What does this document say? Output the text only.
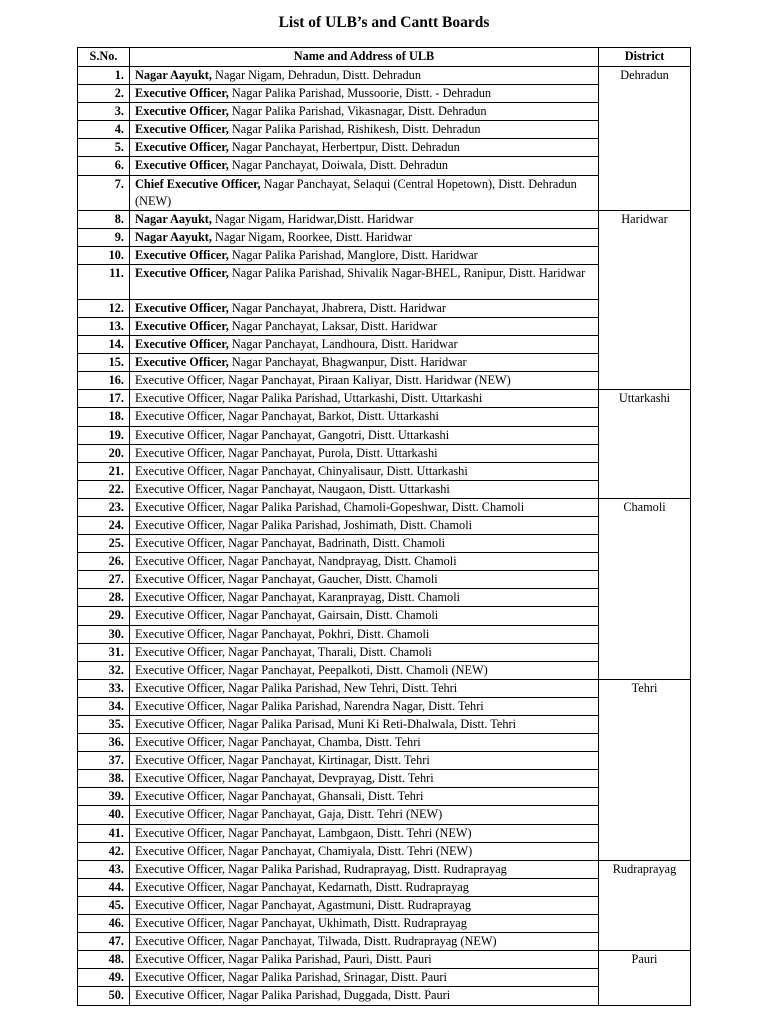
List of ULB’s and Cantt Boards
S.No.	Name and Address of ULB	District
1.	Nagar Aayukt, Nagar Nigam, Dehradun, Distt. Dehradun	Dehradun
2.	Executive Officer, Nagar Palika Parishad, Mussoorie, Distt. - Dehradun	
3.	Executive Officer, Nagar Palika Parishad, Vikasnagar, Distt. Dehradun	
4.	Executive Officer, Nagar Palika Parishad, Rishikesh, Distt. Dehradun	
5.	Executive Officer, Nagar Panchayat, Herbertpur, Distt. Dehradun	
6.	Executive Officer, Nagar Panchayat, Doiwala, Distt. Dehradun	
7.	Chief Executive Officer, Nagar Panchayat, Selaqui (Central Hopetown), Distt. Dehradun (NEW)	
8.	Nagar Aayukt, Nagar Nigam, Haridwar,Distt. Haridwar	Haridwar
9.	Nagar Aayukt, Nagar Nigam, Roorkee, Distt. Haridwar	
10.	Executive Officer, Nagar Palika Parishad, Manglore, Distt. Haridwar	
11.	Executive Officer, Nagar Palika Parishad, Shivalik Nagar-BHEL, Ranipur, Distt. Haridwar	
12.	Executive Officer, Nagar Panchayat, Jhabrera, Distt. Haridwar	
13.	Executive Officer, Nagar Panchayat, Laksar, Distt. Haridwar	
14.	Executive Officer, Nagar Panchayat, Landhoura, Distt. Haridwar	
15.	Executive Officer, Nagar Panchayat, Bhagwanpur, Distt. Haridwar	
16.	Executive Officer, Nagar Panchayat, Piraan Kaliyar, Distt. Haridwar (NEW)	
17.	Executive Officer, Nagar Palika Parishad, Uttarkashi, Distt. Uttarkashi	Uttarkashi
18.	Executive Officer, Nagar Panchayat, Barkot, Distt. Uttarkashi	
19.	Executive Officer, Nagar Panchayat, Gangotri, Distt. Uttarkashi	
20.	Executive Officer, Nagar Panchayat, Purola, Distt. Uttarkashi	
21.	Executive Officer, Nagar Panchayat, Chinyalisaur, Distt. Uttarkashi	
22.	Executive Officer, Nagar Panchayat, Naugaon, Distt. Uttarkashi	
23.	Executive Officer, Nagar Palika Parishad, Chamoli-Gopeshwar, Distt. Chamoli	Chamoli
24.	Executive Officer, Nagar Palika Parishad, Joshimath, Distt. Chamoli	
25.	Executive Officer, Nagar Panchayat, Badrinath, Distt. Chamoli	
26.	Executive Officer, Nagar Panchayat, Nandprayag, Distt. Chamoli	
27.	Executive Officer, Nagar Panchayat, Gaucher, Distt. Chamoli	
28.	Executive Officer, Nagar Panchayat, Karanprayag, Distt. Chamoli	
29.	Executive Officer, Nagar Panchayat, Gairsain, Distt. Chamoli	
30.	Executive Officer, Nagar Panchayat, Pokhri, Distt. Chamoli	
31.	Executive Officer, Nagar Panchayat, Tharali, Distt. Chamoli	
32.	Executive Officer, Nagar Panchayat, Peepalkoti, Distt. Chamoli (NEW)	
33.	Executive Officer, Nagar Palika Parishad, New Tehri, Distt. Tehri	Tehri
34.	Executive Officer, Nagar Palika Parishad, Narendra Nagar, Distt. Tehri	
35.	Executive Officer, Nagar Palika Parisad, Muni Ki Reti-Dhalwala, Distt. Tehri	
36.	Executive Officer, Nagar Panchayat, Chamba, Distt. Tehri	
37.	Executive Officer, Nagar Panchayat, Kirtinagar, Distt. Tehri	
38.	Executive Officer, Nagar Panchayat, Devprayag, Distt. Tehri	
39.	Executive Officer, Nagar Panchayat, Ghansali, Distt. Tehri	
40.	Executive Officer, Nagar Panchayat, Gaja, Distt. Tehri (NEW)	
41.	Executive Officer, Nagar Panchayat, Lambgaon, Distt. Tehri (NEW)	
42.	Executive Officer, Nagar Panchayat, Chamiyala, Distt. Tehri (NEW)	
43.	Executive Officer, Nagar Palika Parishad, Rudraprayag, Distt. Rudraprayag	Rudraprayag
44.	Executive Officer, Nagar Panchayat, Kedarnath, Distt. Rudraprayag	
45.	Executive Officer, Nagar Panchayat, Agastmuni, Distt. Rudraprayag	
46.	Executive Officer, Nagar Panchayat, Ukhimath, Distt. Rudraprayag	
47.	Executive Officer, Nagar Panchayat, Tilwada, Distt. Rudraprayag (NEW)	
48.	Executive Officer, Nagar Palika Parishad, Pauri, Distt. Pauri	Pauri
49.	Executive Officer, Nagar Palika Parishad, Srinagar, Distt. Pauri	
50.	Executive Officer, Nagar Palika Parishad, Duggada, Distt. Pauri	
